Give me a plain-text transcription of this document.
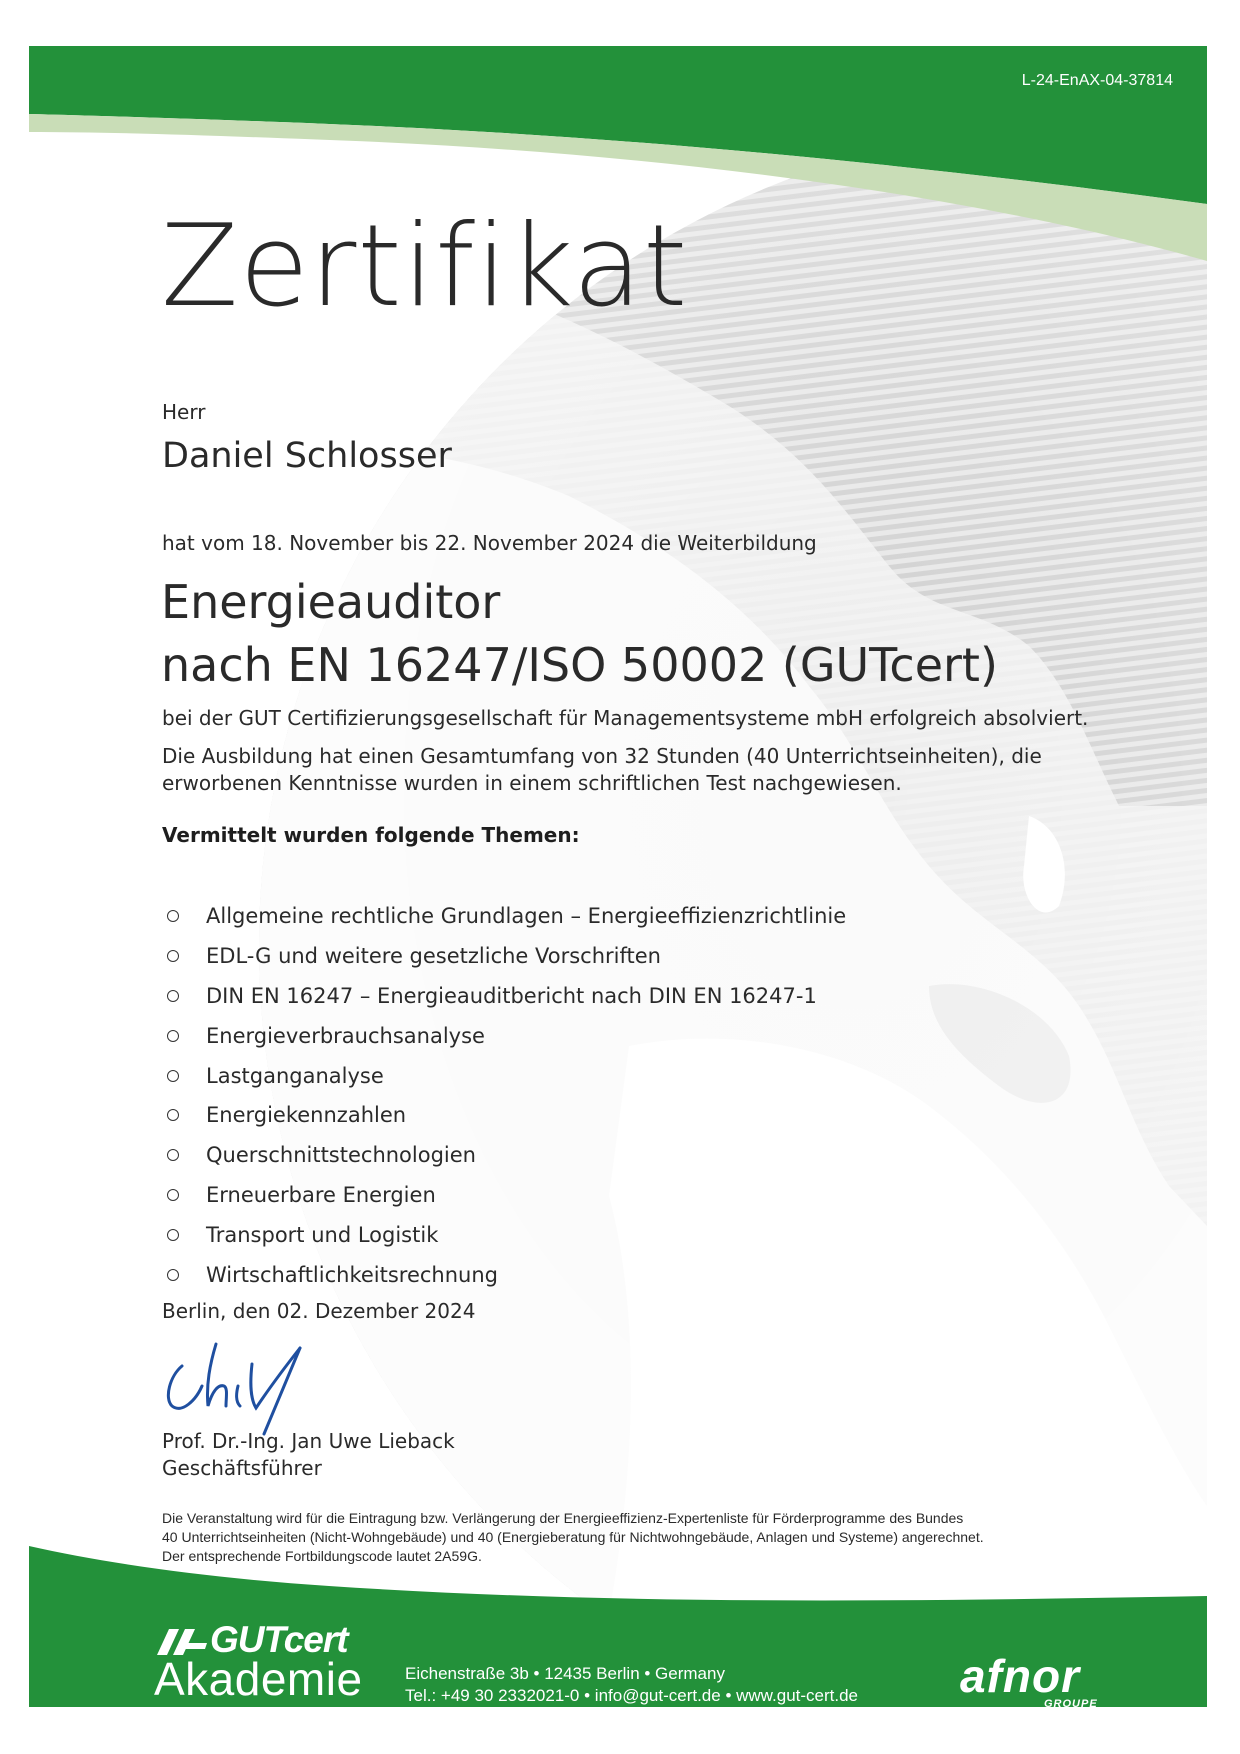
L-24-EnAX-04-37814
Zertifikat
Herr
Daniel Schlosser
hat vom 18. November bis 22. November 2024 die Weiterbildung
Energieauditor
nach EN 16247/ISO 50002 (GUTcert)
bei der GUT Certifizierungsgesellschaft für Managementsysteme mbH erfolgreich absolviert.
Die Ausbildung hat einen Gesamtumfang von 32 Stunden (40 Unterrichtseinheiten), die erworbenen Kenntnisse wurden in einem schriftlichen Test nachgewiesen.
Vermittelt wurden folgende Themen:
Allgemeine rechtliche Grundlagen – Energieeffizienzrichtlinie
EDL-G und weitere gesetzliche Vorschriften
DIN EN 16247 – Energieauditbericht nach DIN EN 16247-1
Energieverbrauchsanalyse
Lastganganalyse
Energiekennzahlen
Querschnittstechnologien
Erneuerbare Energien
Transport und Logistik
Wirtschaftlichkeitsrechnung
Berlin, den 02. Dezember 2024
Prof. Dr.-Ing. Jan Uwe Lieback
Geschäftsführer
Die Veranstaltung wird für die Eintragung bzw. Verlängerung der Energieeffizienz-Expertenliste für Förderprogramme des Bundes
40 Unterrichtseinheiten (Nicht-Wohngebäude) und 40 (Energieberatung für Nichtwohngebäude, Anlagen und Systeme) angerechnet.
Der entsprechende Fortbildungscode lautet 2A59G.
GUTcert
Akademie Eichenstraße 3b • 12435 Berlin • Germany
Tel.: +49 30 2332021-0 • info@gut-cert.de • www.gut-cert.de afnor
GROUPE
